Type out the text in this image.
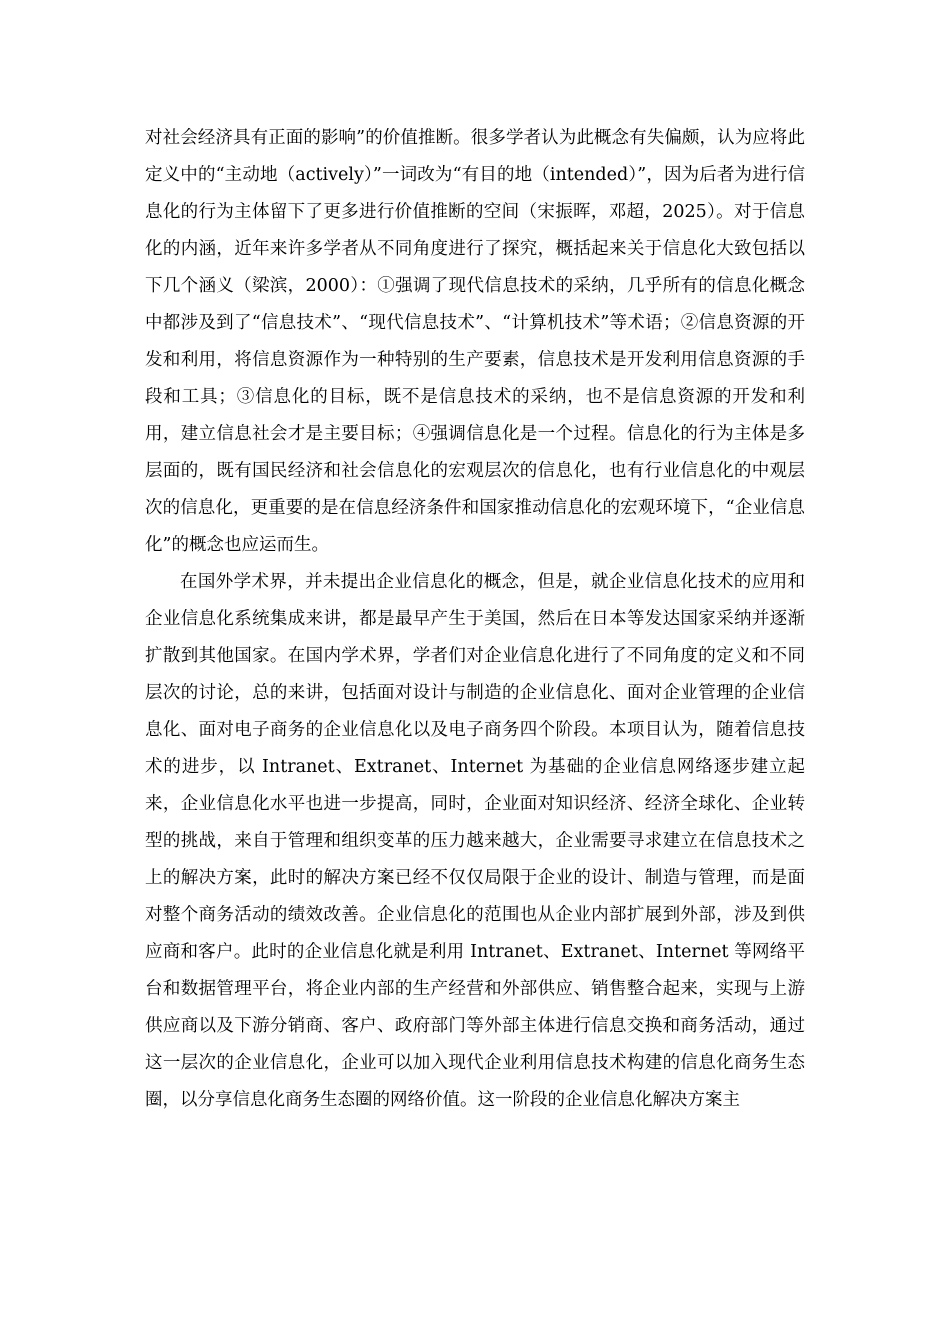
对社会经济具有正面的影响”的价值推断。很多学者认为此概念有失偏颇，认为应将此定义中的“主动地（actively）”一词改为“有目的地（intended）”，因为后者为进行信息化的行为主体留下了更多进行价值推断的空间（宋振晖，邓超，2025）。对于信息化的内涵，近年来许多学者从不同角度进行了探究，概括起来关于信息化大致包括以下几个涵义（梁滨，2000）：①强调了现代信息技术的采纳，几乎所有的信息化概念中都涉及到了“信息技术”、“现代信息技术”、“计算机技术”等术语；②信息资源的开发和利用，将信息资源作为一种特别的生产要素，信息技术是开发利用信息资源的手段和工具；③信息化的目标，既不是信息技术的采纳，也不是信息资源的开发和利用，建立信息社会才是主要目标；④强调信息化是一个过程。信息化的行为主体是多层面的，既有国民经济和社会信息化的宏观层次的信息化，也有行业信息化的中观层次的信息化，更重要的是在信息经济条件和国家推动信息化的宏观环境下，“企业信息化”的概念也应运而生。

在国外学术界，并未提出企业信息化的概念，但是，就企业信息化技术的应用和企业信息化系统集成来讲，都是最早产生于美国，然后在日本等发达国家采纳并逐渐扩散到其他国家。在国内学术界，学者们对企业信息化进行了不同角度的定义和不同层次的讨论，总的来讲，包括面对设计与制造的企业信息化、面对企业管理的企业信息化、面对电子商务的企业信息化以及电子商务四个阶段。本项目认为，随着信息技术的进步，以 Intranet、Extranet、Internet 为基础的企业信息网络逐步建立起来，企业信息化水平也进一步提高，同时，企业面对知识经济、经济全球化、企业转型的挑战，来自于管理和组织变革的压力越来越大，企业需要寻求建立在信息技术之上的解决方案，此时的解决方案已经不仅仅局限于企业的设计、制造与管理，而是面对整个商务活动的绩效改善。企业信息化的范围也从企业内部扩展到外部，涉及到供应商和客户。此时的企业信息化就是利用 Intranet、Extranet、Internet 等网络平台和数据管理平台，将企业内部的生产经营和外部供应、销售整合起来，实现与上游供应商以及下游分销商、客户、政府部门等外部主体进行信息交换和商务活动，通过这一层次的企业信息化，企业可以加入现代企业利用信息技术构建的信息化商务生态圈，以分享信息化商务生态圈的网络价值。这一阶段的企业信息化解决方案主
